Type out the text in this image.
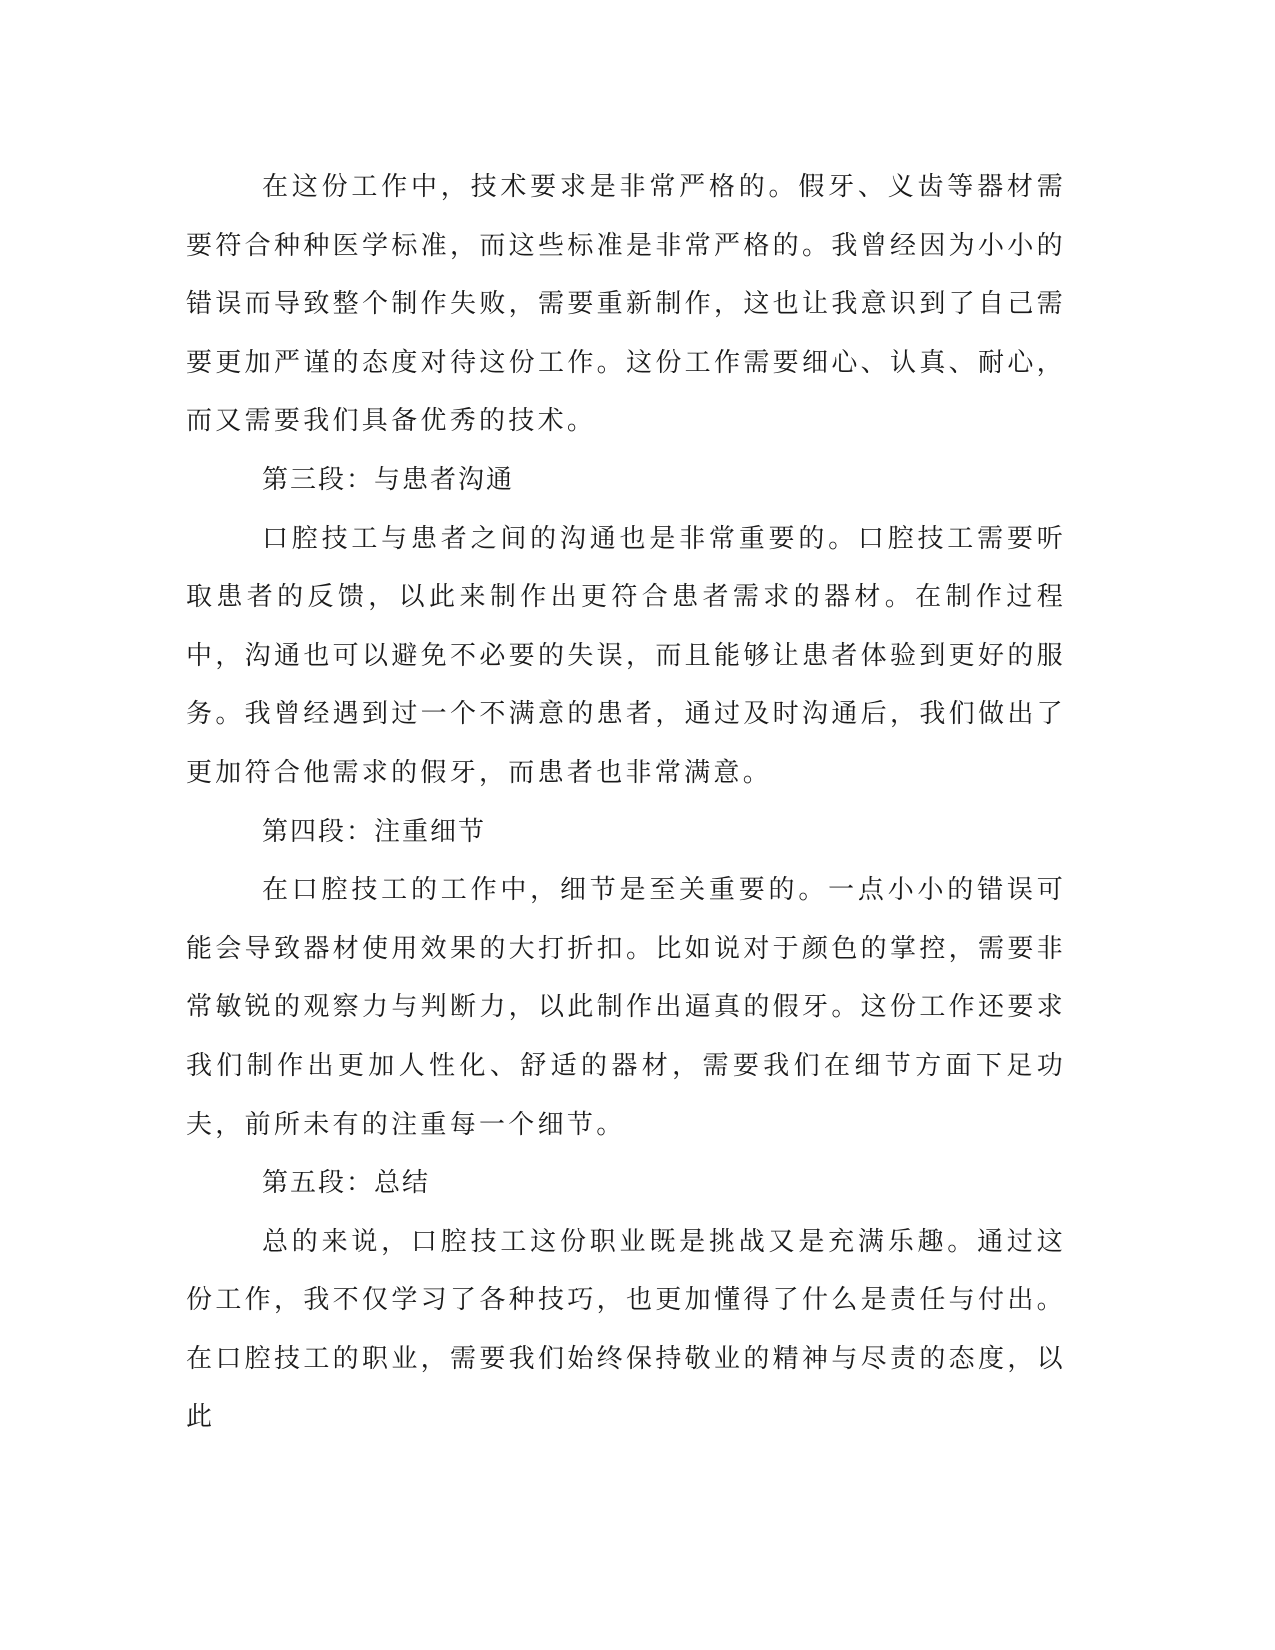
在这份工作中，技术要求是非常严格的。假牙、义齿等器材需要符合种种医学标准，而这些标准是非常严格的。我曾经因为小小的错误而导致整个制作失败，需要重新制作，这也让我意识到了自己需要更加严谨的态度对待这份工作。这份工作需要细心、认真、耐心，而又需要我们具备优秀的技术。

第三段：与患者沟通

口腔技工与患者之间的沟通也是非常重要的。口腔技工需要听取患者的反馈，以此来制作出更符合患者需求的器材。在制作过程中，沟通也可以避免不必要的失误，而且能够让患者体验到更好的服务。我曾经遇到过一个不满意的患者，通过及时沟通后，我们做出了更加符合他需求的假牙，而患者也非常满意。

第四段：注重细节

在口腔技工的工作中，细节是至关重要的。一点小小的错误可能会导致器材使用效果的大打折扣。比如说对于颜色的掌控，需要非常敏锐的观察力与判断力，以此制作出逼真的假牙。这份工作还要求我们制作出更加人性化、舒适的器材，需要我们在细节方面下足功夫，前所未有的注重每一个细节。

第五段：总结

总的来说，口腔技工这份职业既是挑战又是充满乐趣。通过这份工作，我不仅学习了各种技巧，也更加懂得了什么是责任与付出。在口腔技工的职业，需要我们始终保持敬业的精神与尽责的态度，以此
